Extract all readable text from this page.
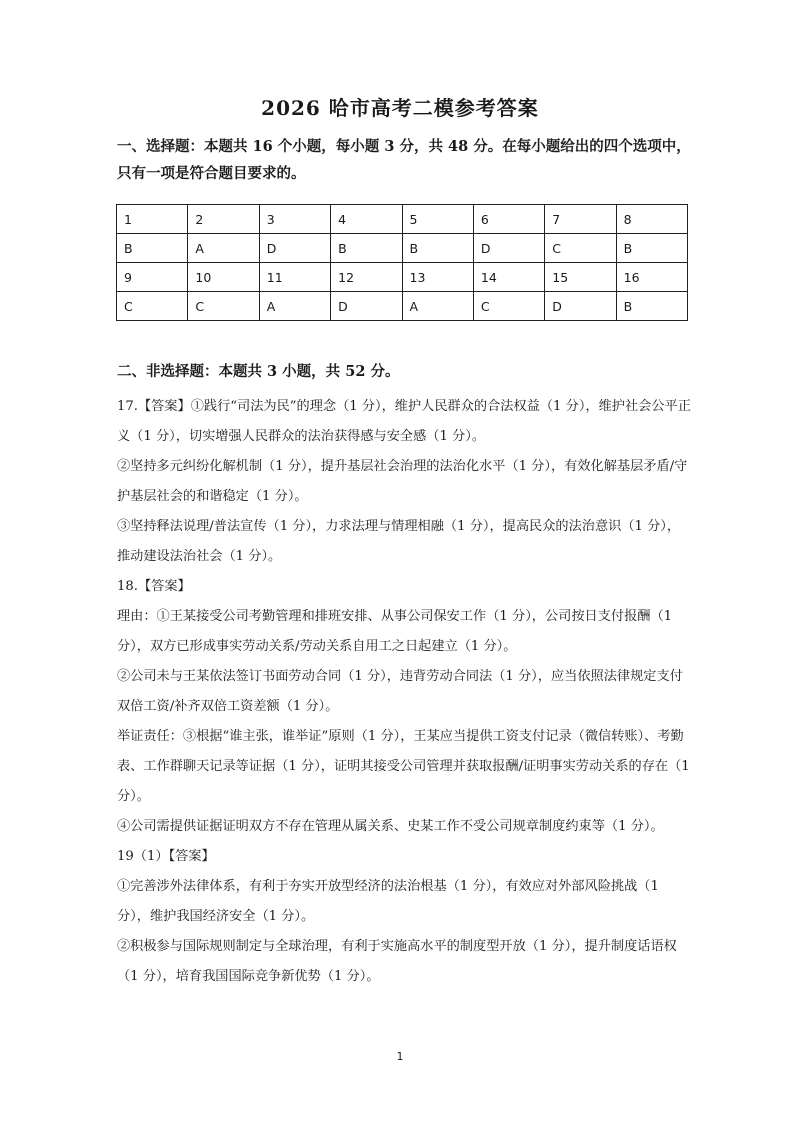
2026 哈市高考二模参考答案
一、选择题：本题共 16 个小题，每小题 3 分，共 48 分。在每小题给出的四个选项中，只有一项是符合题目要求的。
1	2	3	4	5	6	7	8
B	A	D	B	B	D	C	B
9	10	11	12	13	14	15	16
C	C	A	D	A	C	D	B
二、非选择题：本题共 3 小题，共 52 分。

17.【答案】①践行“司法为民”的理念（1 分），维护人民群众的合法权益（1 分），维护社会公平正义（1 分），切实增强人民群众的法治获得感与安全感（1 分）。

②坚持多元纠纷化解机制（1 分），提升基层社会治理的法治化水平（1 分），有效化解基层矛盾/守护基层社会的和谐稳定（1 分）。

③坚持释法说理/普法宣传（1 分），力求法理与情理相融（1 分），提高民众的法治意识（1 分），推动建设法治社会（1 分）。

18.【答案】

理由：①王某接受公司考勤管理和排班安排、从事公司保安工作（1 分），公司按日支付报酬（1 分），双方已形成事实劳动关系/劳动关系自用工之日起建立（1 分）。

②公司未与王某依法签订书面劳动合同（1 分），违背劳动合同法（1 分），应当依照法律规定支付双倍工资/补齐双倍工资差额（1 分）。

举证责任：③根据“谁主张，谁举证”原则（1 分），王某应当提供工资支付记录（微信转账）、考勤表、工作群聊天记录等证据（1 分），证明其接受公司管理并获取报酬/证明事实劳动关系的存在（1 分）。

④公司需提供证据证明双方不存在管理从属关系、史某工作不受公司规章制度约束等（1 分）。

19（1）【答案】

①完善涉外法律体系，有利于夯实开放型经济的法治根基（1 分），有效应对外部风险挑战（1 分），维护我国经济安全（1 分）。

②积极参与国际规则制定与全球治理，有利于实施高水平的制度型开放（1 分），提升制度话语权（1 分），培育我国国际竞争新优势（1 分）。

1
